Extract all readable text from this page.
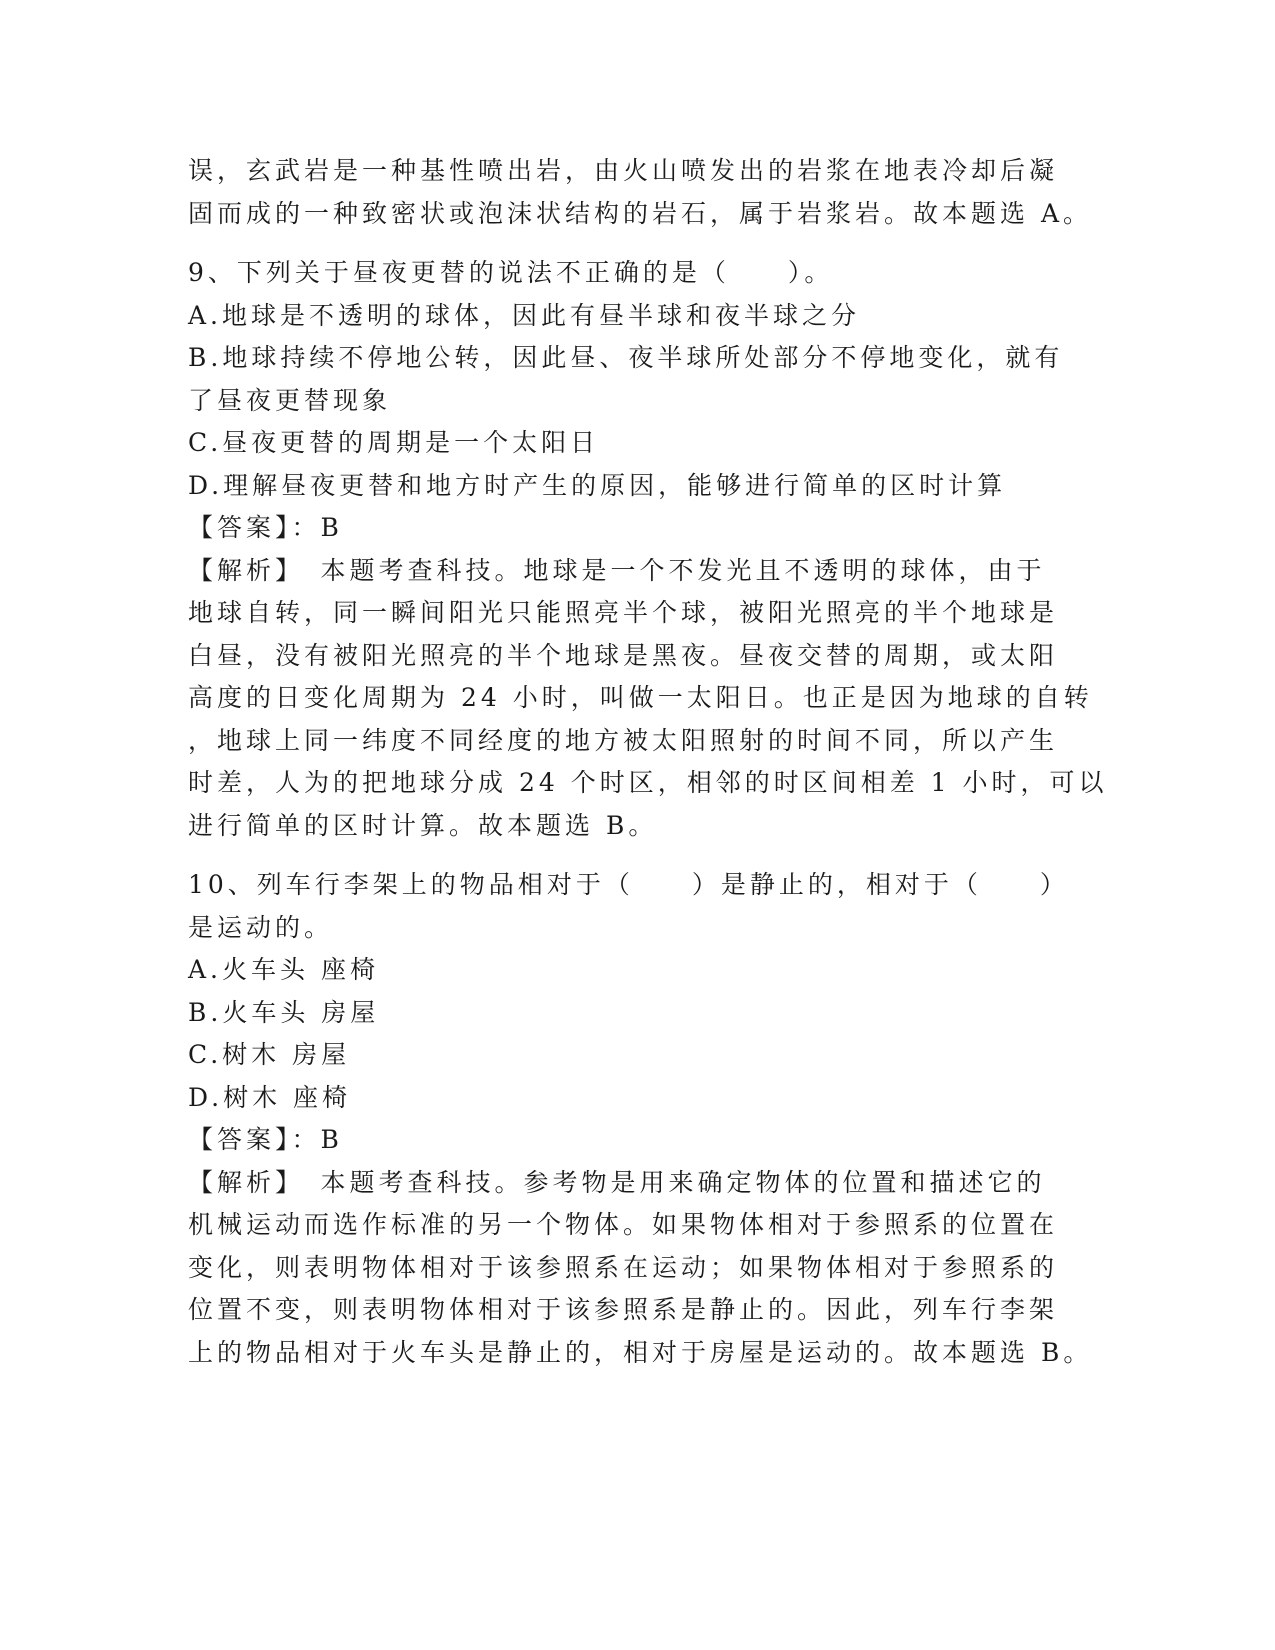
误，玄武岩是一种基性喷出岩，由火山喷发出的岩浆在地表冷却后凝
固而成的一种致密状或泡沫状结构的岩石，属于岩浆岩。故本题选 A。
9、下列关于昼夜更替的说法不正确的是（　　）。
A.地球是不透明的球体，因此有昼半球和夜半球之分
B.地球持续不停地公转，因此昼、夜半球所处部分不停地变化，就有
了昼夜更替现象
C.昼夜更替的周期是一个太阳日
D.理解昼夜更替和地方时产生的原因，能够进行简单的区时计算
【答案】：B
【解析】　本题考查科技。地球是一个不发光且不透明的球体，由于
地球自转，同一瞬间阳光只能照亮半个球，被阳光照亮的半个地球是
白昼，没有被阳光照亮的半个地球是黑夜。昼夜交替的周期，或太阳
高度的日变化周期为 24 小时，叫做一太阳日。也正是因为地球的自转
，地球上同一纬度不同经度的地方被太阳照射的时间不同，所以产生
时差，人为的把地球分成 24 个时区，相邻的时区间相差 1 小时，可以
进行简单的区时计算。故本题选 B。
10、列车行李架上的物品相对于（　　）是静止的，相对于（　　）
是运动的。
A.火车头 座椅
B.火车头 房屋
C.树木 房屋
D.树木 座椅
【答案】：B
【解析】　本题考查科技。参考物是用来确定物体的位置和描述它的
机械运动而选作标准的另一个物体。如果物体相对于参照系的位置在
变化，则表明物体相对于该参照系在运动；如果物体相对于参照系的
位置不变，则表明物体相对于该参照系是静止的。因此，列车行李架
上的物品相对于火车头是静止的，相对于房屋是运动的。故本题选 B。
